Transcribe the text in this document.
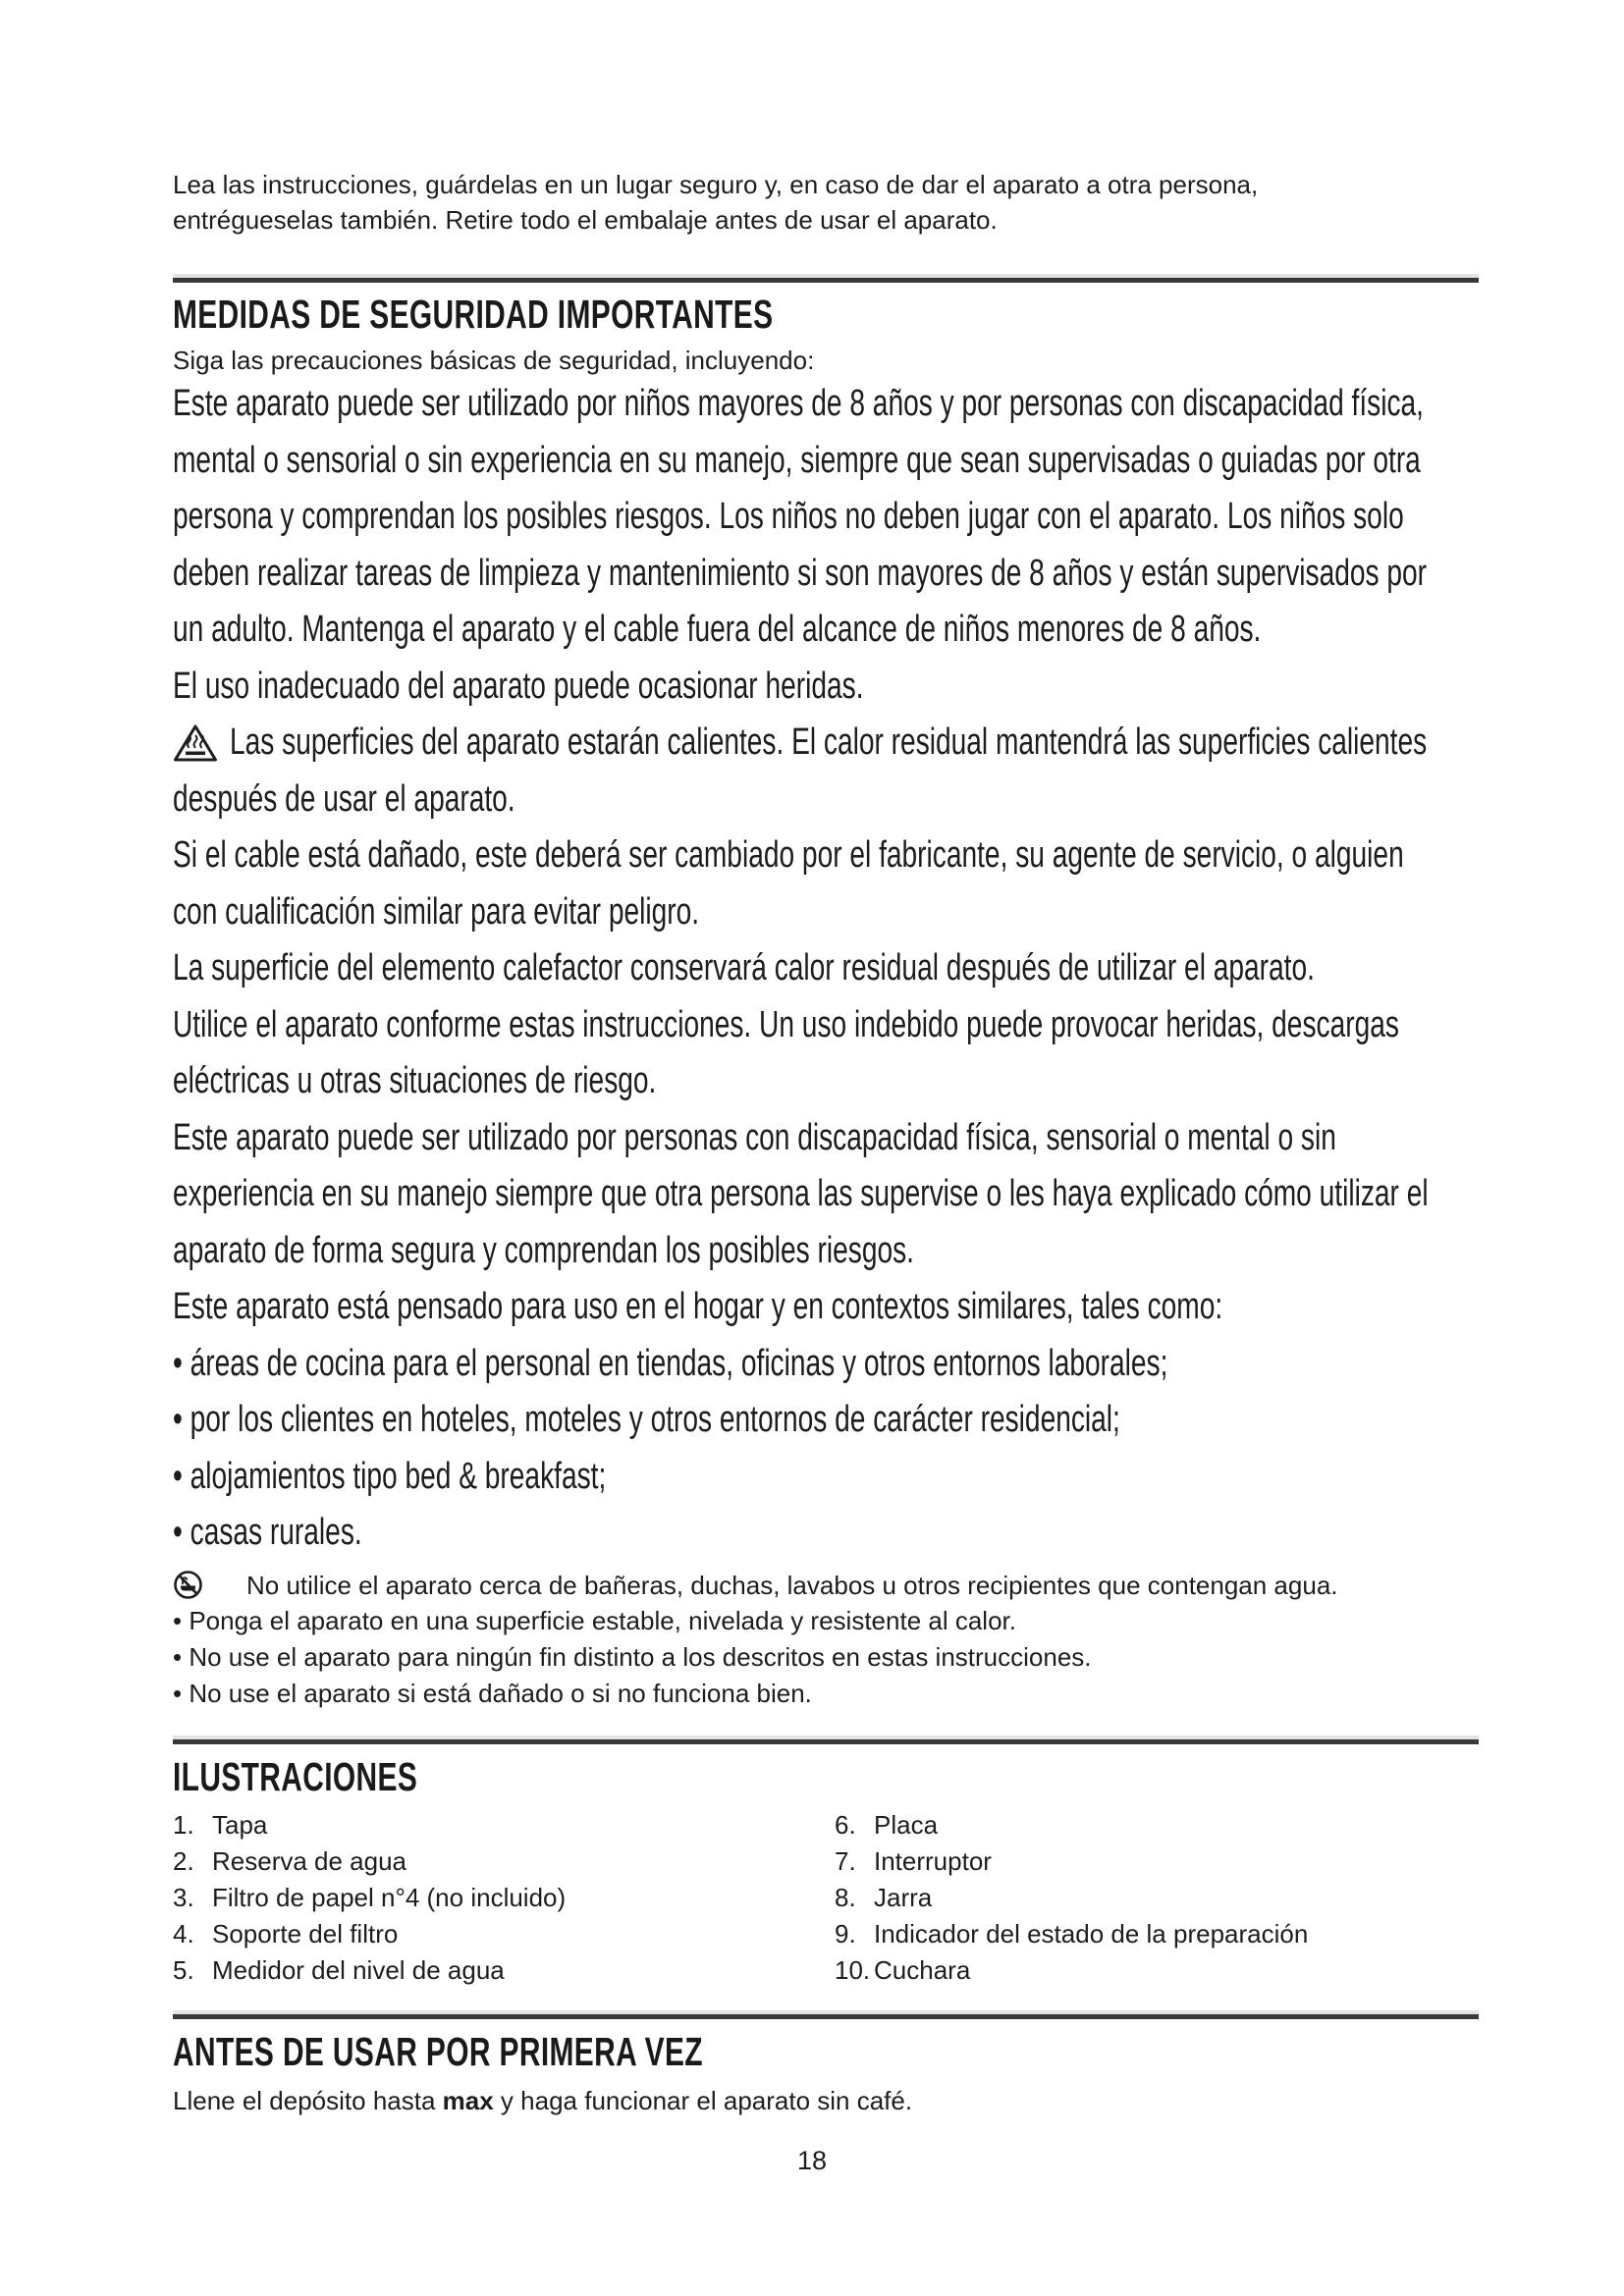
Lea las instrucciones, guárdelas en un lugar seguro y, en caso de dar el aparato a otra persona,
entrégueselas también. Retire todo el embalaje antes de usar el aparato.
MEDIDAS DE SEGURIDAD IMPORTANTES
Siga las precauciones básicas de seguridad, incluyendo:
Este aparato puede ser utilizado por niños mayores de 8 años y por personas con discapacidad física,
mental o sensorial o sin experiencia en su manejo, siempre que sean supervisadas o guiadas por otra
persona y comprendan los posibles riesgos. Los niños no deben jugar con el aparato. Los niños solo
deben realizar tareas de limpieza y mantenimiento si son mayores de 8 años y están supervisados por
un adulto. Mantenga el aparato y el cable fuera del alcance de niños menores de 8 años.
El uso inadecuado del aparato puede ocasionar heridas.
Las superficies del aparato estarán calientes. El calor residual mantendrá las superficies calientes
después de usar el aparato.
Si el cable está dañado, este deberá ser cambiado por el fabricante, su agente de servicio, o alguien
con cualificación similar para evitar peligro.
La superficie del elemento calefactor conservará calor residual después de utilizar el aparato.
Utilice el aparato conforme estas instrucciones. Un uso indebido puede provocar heridas, descargas
eléctricas u otras situaciones de riesgo.
Este aparato puede ser utilizado por personas con discapacidad física, sensorial o mental o sin
experiencia en su manejo siempre que otra persona las supervise o les haya explicado cómo utilizar el
aparato de forma segura y comprendan los posibles riesgos.
Este aparato está pensado para uso en el hogar y en contextos similares, tales como:
• áreas de cocina para el personal en tiendas, oficinas y otros entornos laborales;
• por los clientes en hoteles, moteles y otros entornos de carácter residencial;
• alojamientos tipo bed & breakfast;
• casas rurales.
No utilice el aparato cerca de bañeras, duchas, lavabos u otros recipientes que contengan agua.
• Ponga el aparato en una superficie estable, nivelada y resistente al calor.
• No use el aparato para ningún fin distinto a los descritos en estas instrucciones.
• No use el aparato si está dañado o si no funciona bien.
ILUSTRACIONES
1. Tapa
2. Reserva de agua
3. Filtro de papel n°4 (no incluido)
4. Soporte del filtro
5. Medidor del nivel de agua
6. Placa
7. Interruptor
8. Jarra
9. Indicador del estado de la preparación
10. Cuchara
ANTES DE USAR POR PRIMERA VEZ
Llene el depósito hasta max y haga funcionar el aparato sin café.
18
